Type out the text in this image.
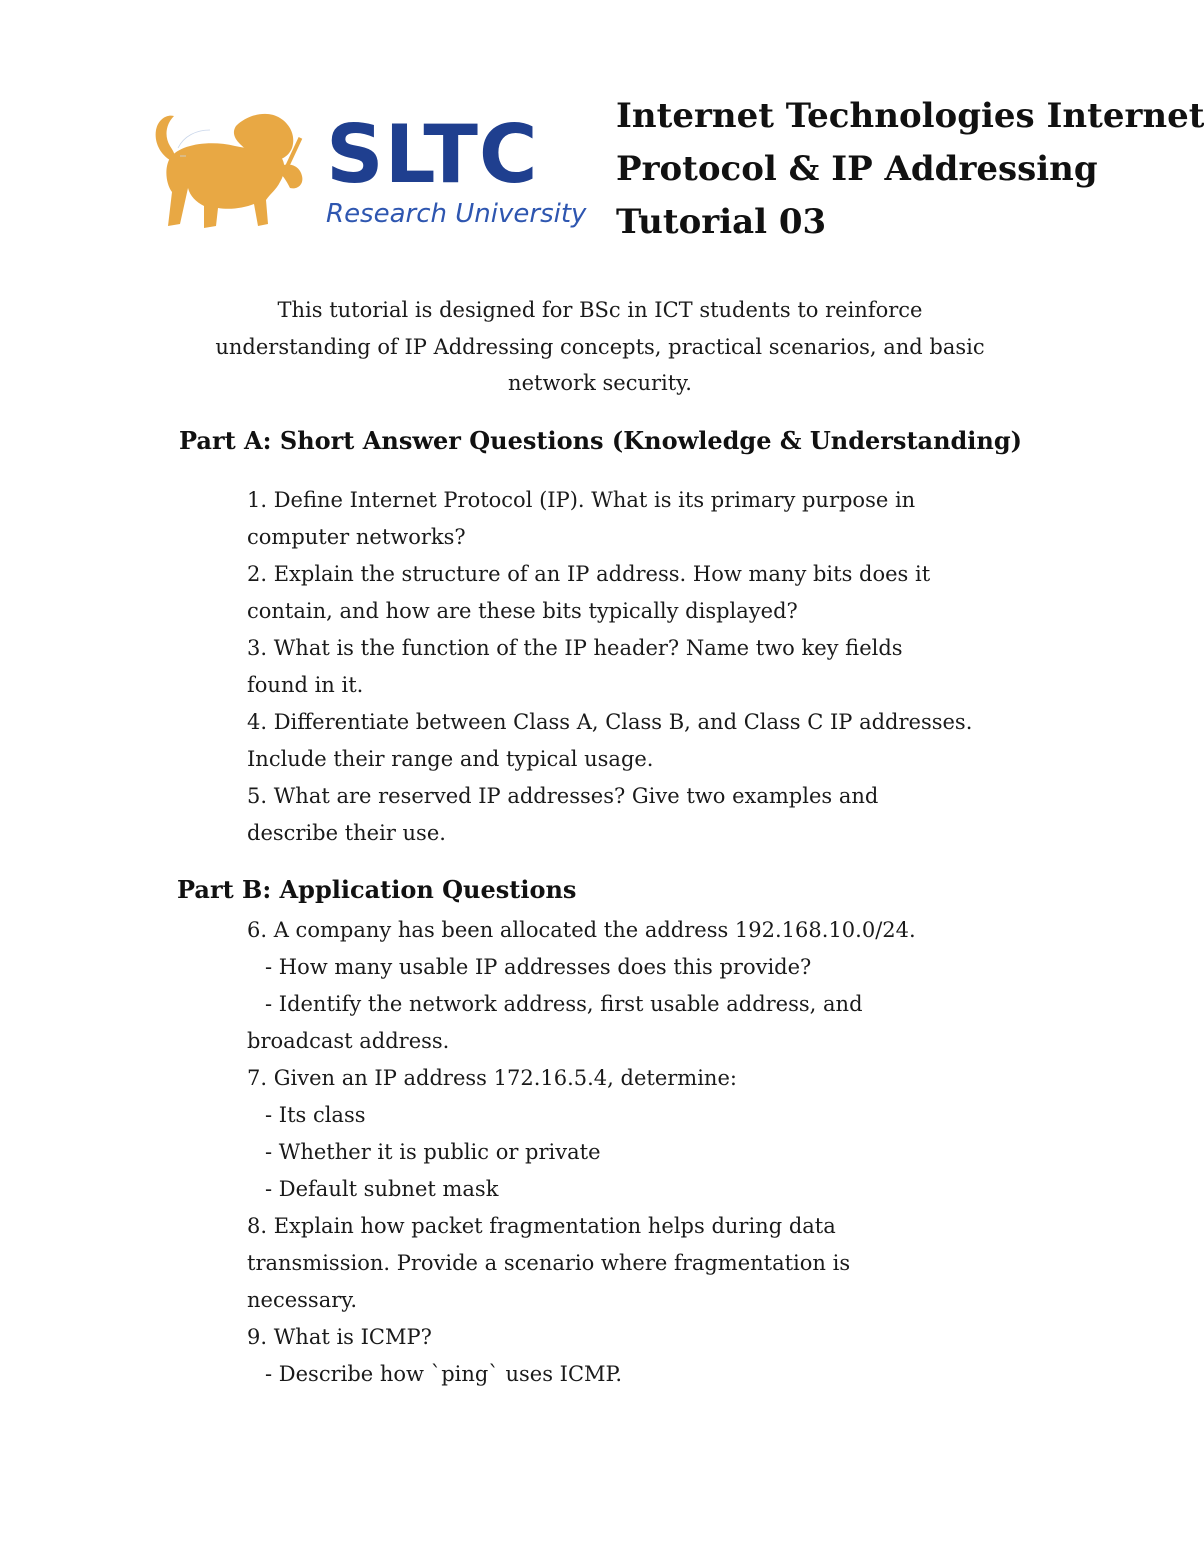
SLTC
Research University
Internet Technologies Internet
Protocol & IP Addressing
Tutorial 03

This tutorial is designed for BSc in ICT students to reinforce
understanding of IP Addressing concepts, practical scenarios, and basic
network security.

Part A: Short Answer Questions (Knowledge & Understanding)
1. Define Internet Protocol (IP). What is its primary purpose in
computer networks?
2. Explain the structure of an IP address. How many bits does it
contain, and how are these bits typically displayed?
3. What is the function of the IP header? Name two key fields
found in it.
4. Differentiate between Class A, Class B, and Class C IP addresses.
Include their range and typical usage.
5. What are reserved IP addresses? Give two examples and
describe their use.
Part B: Application Questions
6. A company has been allocated the address 192.168.10.0/24.
- How many usable IP addresses does this provide?
- Identify the network address, first usable address, and
broadcast address.
7. Given an IP address 172.16.5.4, determine:
- Its class
- Whether it is public or private
- Default subnet mask
8. Explain how packet fragmentation helps during data
transmission. Provide a scenario where fragmentation is
necessary.
9. What is ICMP?
- Describe how `ping` uses ICMP.
